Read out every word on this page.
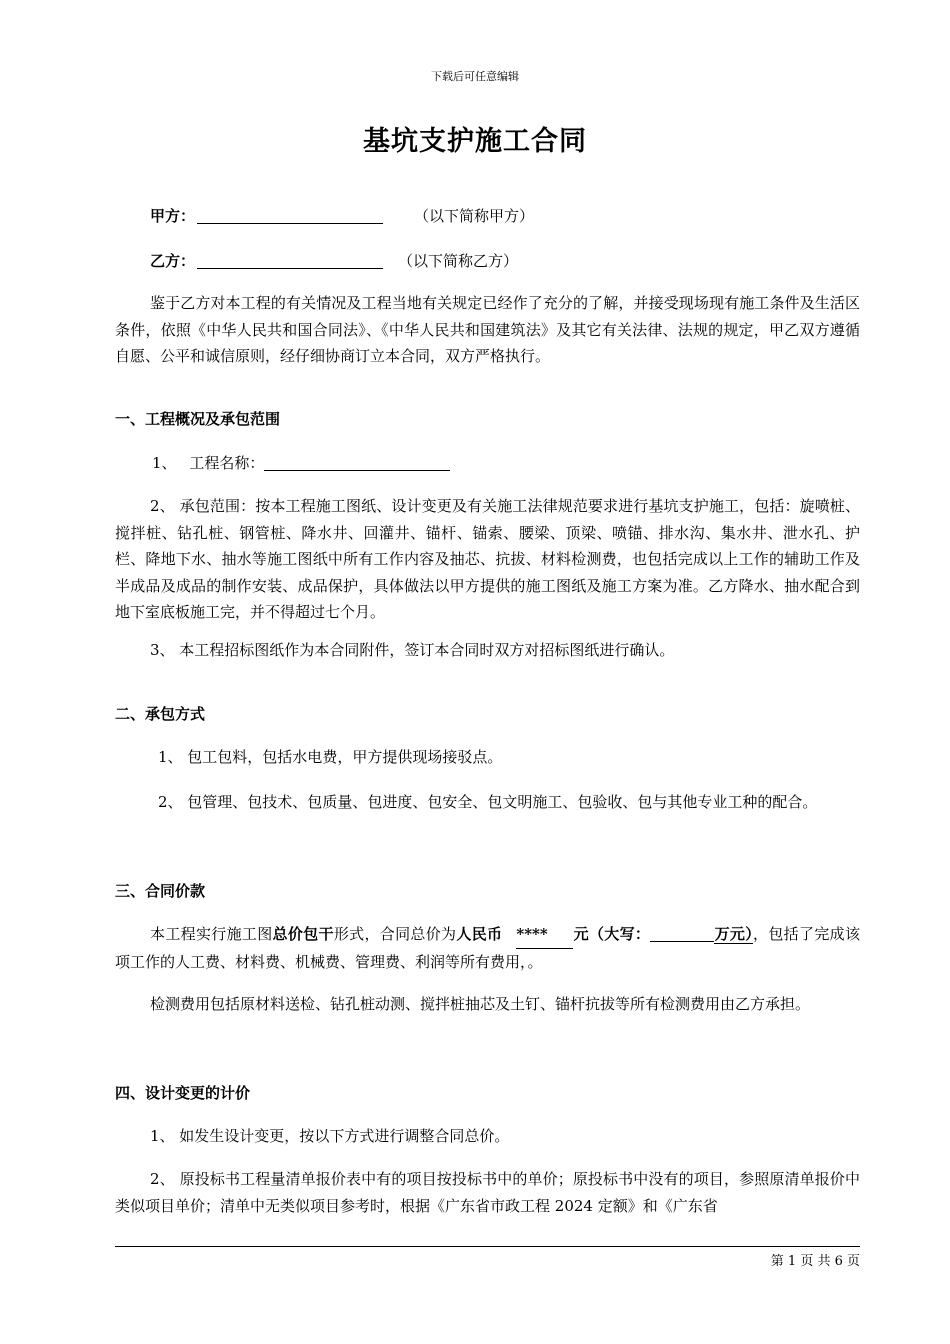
下载后可任意编辑
基坑支护施工合同
甲方：	（以下简称甲方）
乙方：	（以下简称乙方）
鉴于乙方对本工程的有关情况及工程当地有关规定已经作了充分的了解，并接受现场现有施工条件及生活区条件，依照《中华人民共和国合同法》、《中华人民共和国建筑法》及其它有关法律、法规的规定，甲乙双方遵循自愿、公平和诚信原则，经仔细协商订立本合同，双方严格执行。
一、工程概况及承包范围
1、 工程名称：
2、 承包范围：按本工程施工图纸、设计变更及有关施工法律规范要求进行基坑支护施工，包括：旋喷桩、搅拌桩、钻孔桩、钢管桩、降水井、回灌井、锚杆、锚索、腰梁、顶梁、喷锚、排水沟、集水井、泄水孔、护栏、降地下水、抽水等施工图纸中所有工作内容及抽芯、抗拔、材料检测费，也包括完成以上工作的辅助工作及半成品及成品的制作安装、成品保护，具体做法以甲方提供的施工图纸及施工方案为准。乙方降水、抽水配合到地下室底板施工完，并不得超过七个月。
3、 本工程招标图纸作为本合同附件，签订本合同时双方对招标图纸进行确认。
二、承包方式
1、 包工包料，包括水电费，甲方提供现场接驳点。
2、 包管理、包技术、包质量、包进度、包安全、包文明施工、包验收、包与其他专业工种的配合。
三、合同价款
本工程实行施工图总价包干形式，合同总价为人民币 **** 元（大写：	万元），包括了完成该项工作的人工费、材料费、机械费、管理费、利润等所有费用，。
检测费用包括原材料送检、钻孔桩动测、搅拌桩抽芯及土钉、锚杆抗拔等所有检测费用由乙方承担。
四、设计变更的计价
1、 如发生设计变更，按以下方式进行调整合同总价。
2、 原投标书工程量清单报价表中有的项目按投标书中的单价；原投标书中没有的项目，参照原清单报价中类似项目单价；清单中无类似项目参考时，根据《广东省市政工程 2024 定额》和《广东省
第 1 页 共 6 页
